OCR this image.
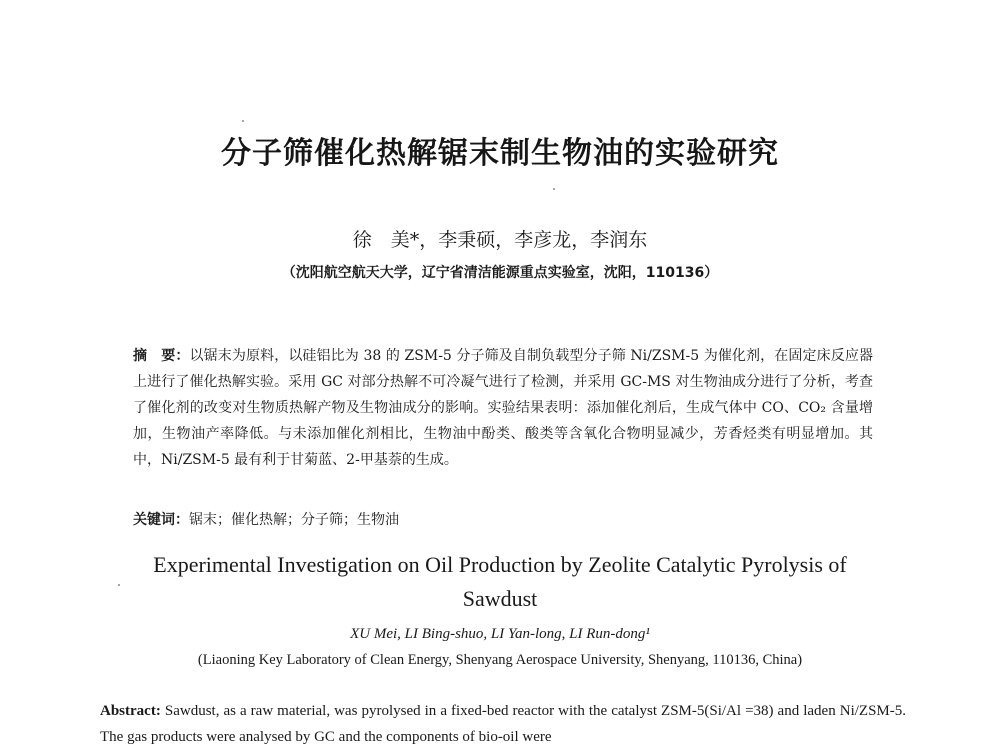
分子筛催化热解锯末制生物油的实验研究
徐　美*，李秉硕，李彦龙，李润东
（沈阳航空航天大学，辽宁省清洁能源重点实验室，沈阳，110136）
摘　要：以锯末为原料，以硅铝比为 38 的 ZSM-5 分子筛及自制负载型分子筛 Ni/ZSM-5 为催化剂，在固定床反应器上进行了催化热解实验。采用 GC 对部分热解不可冷凝气进行了检测，并采用 GC-MS 对生物油成分进行了分析，考查了催化剂的改变对生物质热解产物及生物油成分的影响。实验结果表明：添加催化剂后，生成气体中 CO、CO₂ 含量增加，生物油产率降低。与未添加催化剂相比，生物油中酚类、酸类等含氧化合物明显减少，芳香烃类有明显增加。其中，Ni/ZSM-5 最有利于甘菊蓝、2-甲基萘的生成。
关键词：锯末；催化热解；分子筛；生物油
Experimental Investigation on Oil Production by Zeolite Catalytic Pyrolysis of Sawdust
XU Mei, LI Bing-shuo, LI Yan-long, LI Run-dong¹
(Liaoning Key Laboratory of Clean Energy, Shenyang Aerospace University, Shenyang, 110136, China)
Abstract: Sawdust, as a raw material, was pyrolysed in a fixed-bed reactor with the catalyst ZSM-5(Si/Al =38) and laden Ni/ZSM-5. The gas products were analysed by GC and the components of bio-oil were
